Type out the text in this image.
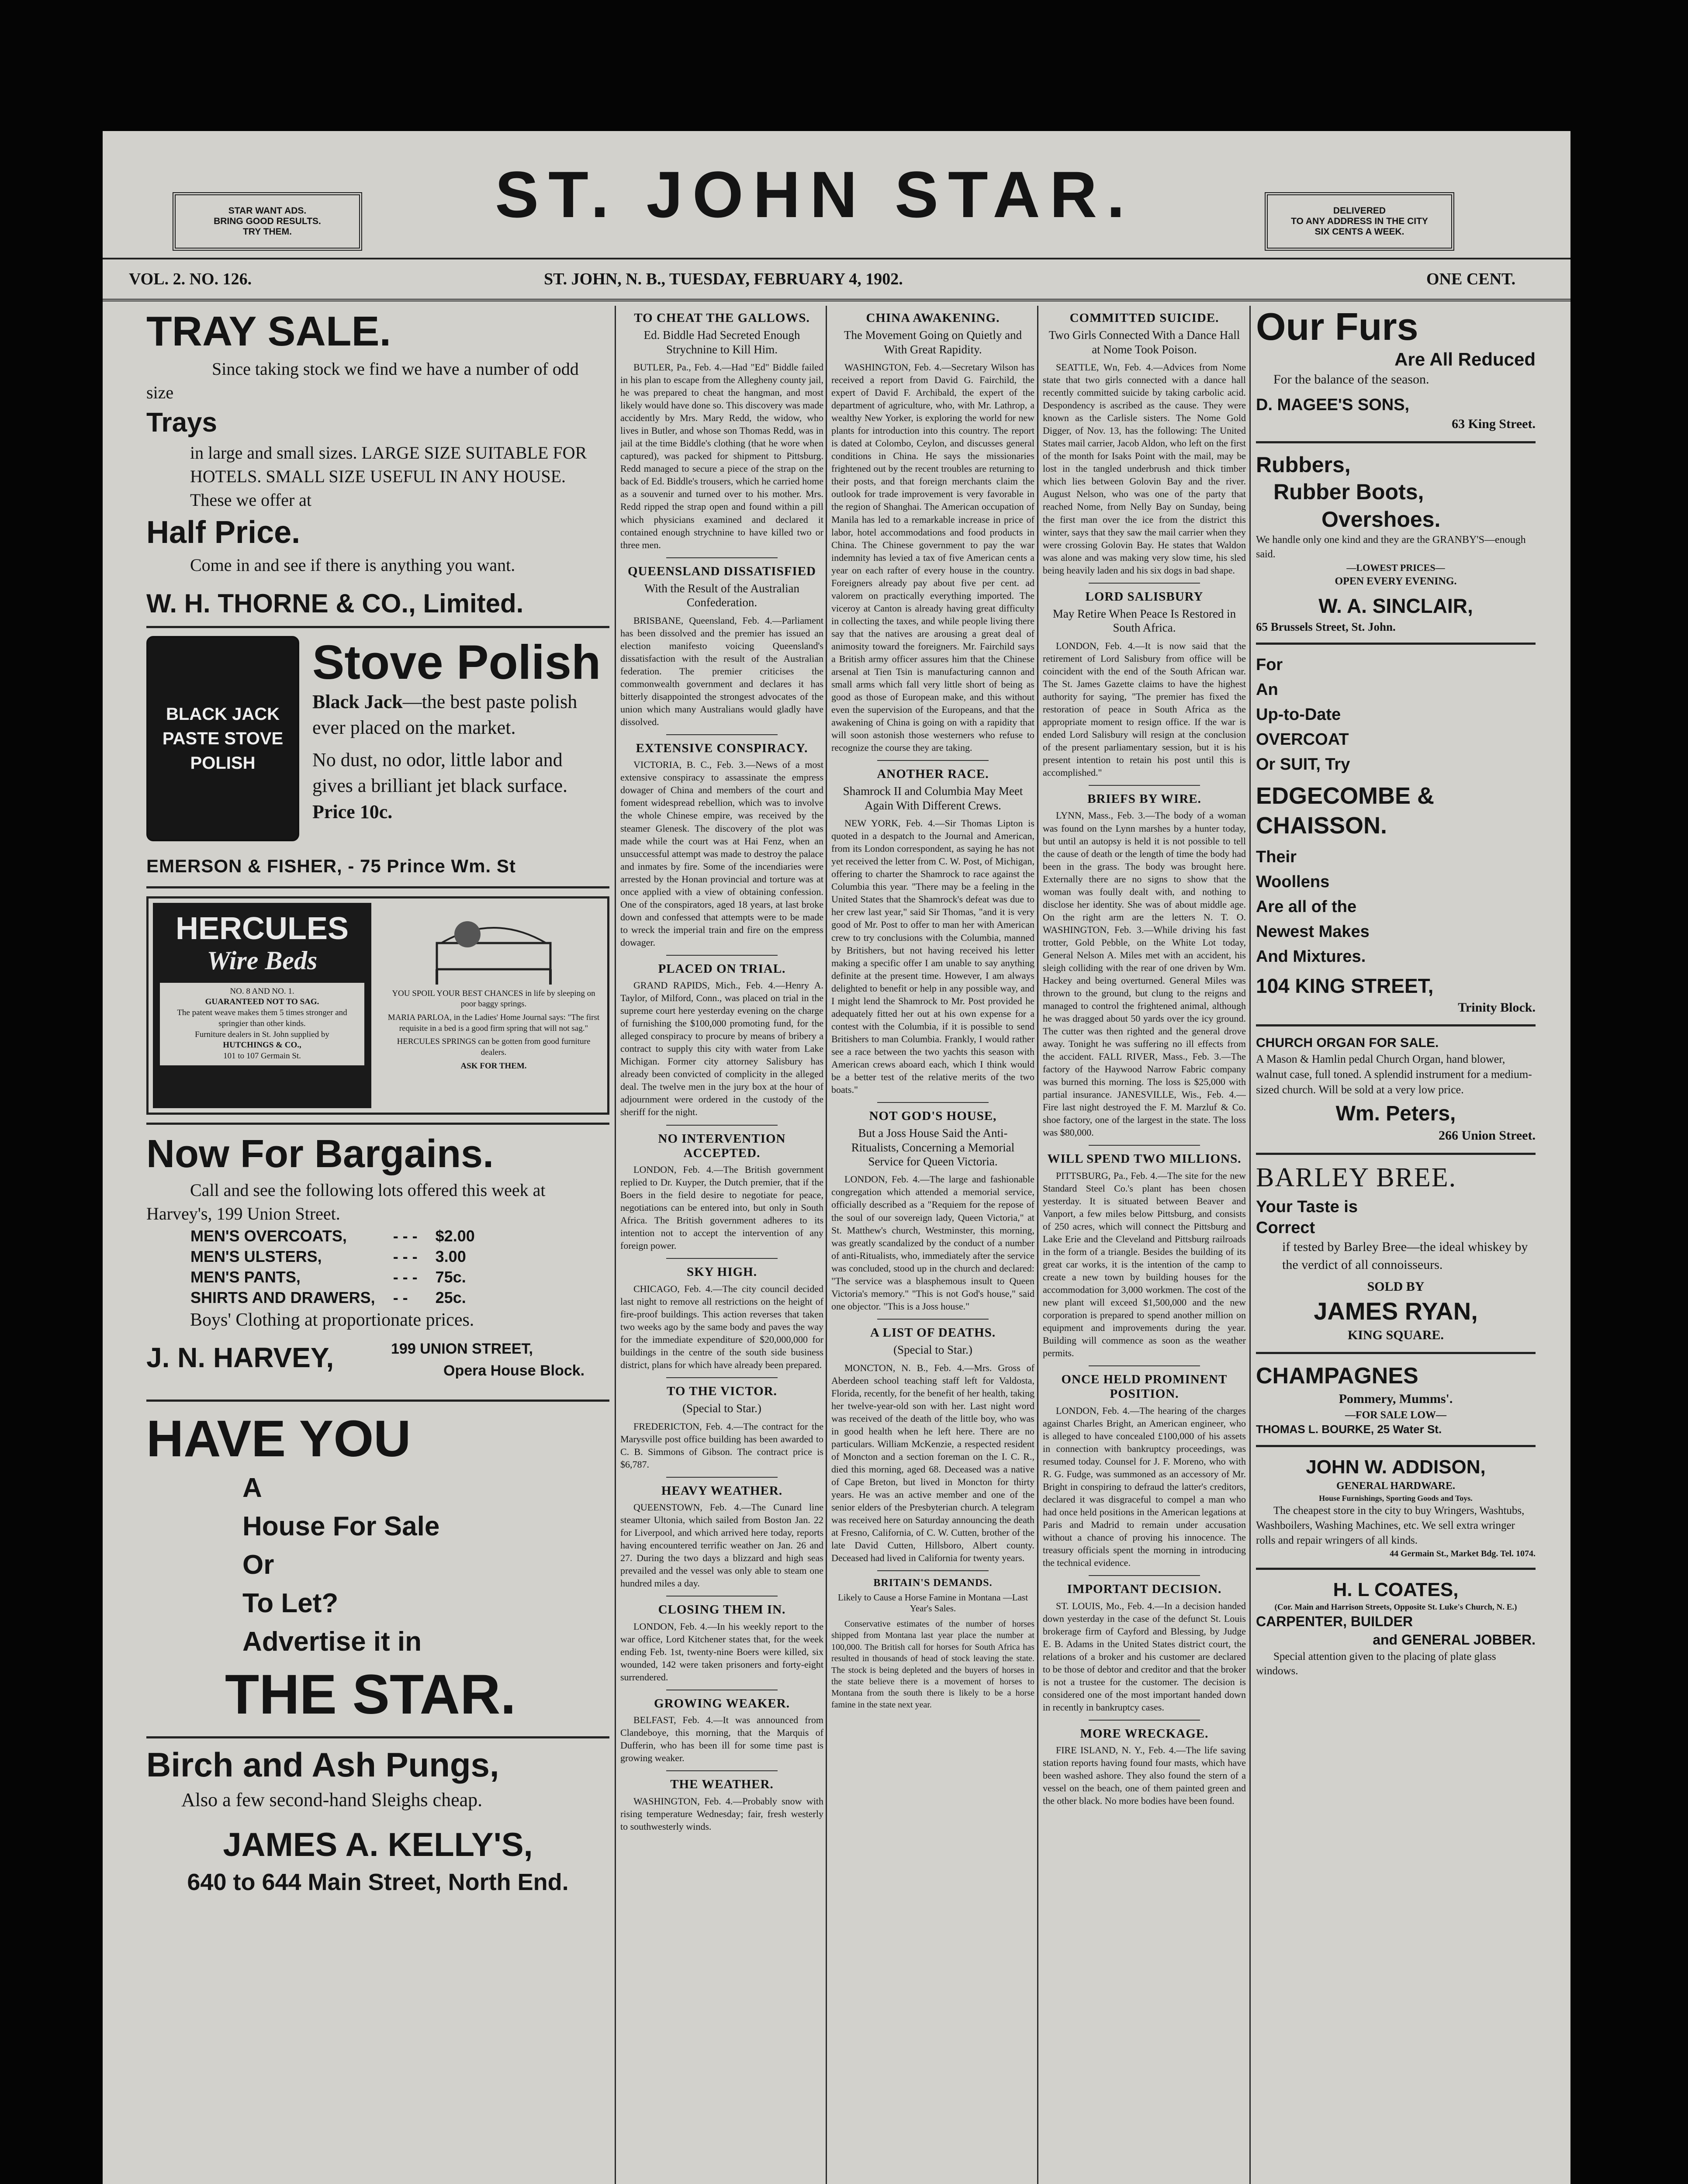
STAR WANT ADS.
BRING GOOD RESULTS.
TRY THEM.
ST. JOHN STAR.	DELIVERED
TO ANY ADDRESS IN THE CITY
SIX CENTS A WEEK.
VOL. 2. NO. 126.	ST. JOHN, N. B., TUESDAY, FEBRUARY 4, 1902.	ONE CENT.
TRAY SALE.

Since taking stock we find we have a number of odd size

Trays

in large and small sizes. LARGE SIZE SUITABLE FOR HOTELS. SMALL SIZE USEFUL IN ANY HOUSE. These we offer at

Half Price.

Come in and see if there is anything you want.

W. H. THORNE & CO., Limited.
BLACK JACK PASTE STOVE POLISH
Stove Polish

Black Jack—the best paste polish ever placed on the market.

No dust, no odor, little labor and gives a brilliant jet black surface. Price 10c.

EMERSON & FISHER, - 75 Prince Wm. St
HERCULES
Wire Beds
NO. 8 AND NO. 1.
GUARANTEED NOT TO SAG.
The patent weave makes them 5 times stronger and springier than other kinds.
Furniture dealers in St. John supplied by
HUTCHINGS & CO.,
101 to 107 Germain St.
YOU SPOIL YOUR BEST CHANCES in life by sleeping on poor baggy springs.
MARIA PARLOA, in the Ladies' Home Journal says: "The first requisite in a bed is a good firm spring that will not sag."
HERCULES SPRINGS can be gotten from good furniture dealers.
ASK FOR THEM.
Now For Bargains.

Call and see the following lots offered this week at Harvey's, 199 Union Street.

MEN'S OVERCOATS,	- - -	$2.00
MEN'S ULSTERS,	- - -	3.00
MEN'S PANTS,	- - -	75c.
SHIRTS AND DRAWERS,	- -	25c.

Boys' Clothing at proportionate prices.

J. N. HARVEY,	199 UNION STREET,
Opera House Block.
HAVE YOU
A
House For Sale
Or
To Let?
Advertise it in
THE STAR.
Birch and Ash Pungs,

Also a few second-hand Sleighs cheap.

JAMES A. KELLY'S,
640 to 644 Main Street, North End.
TO CHEAT THE GALLOWS.
Ed. Biddle Had Secreted Enough Strychnine to Kill Him.

BUTLER, Pa., Feb. 4.—Had "Ed" Biddle failed in his plan to escape from the Allegheny county jail, he was prepared to cheat the hangman, and most likely would have done so. This discovery was made accidently by Mrs. Mary Redd, the widow, who lives in Butler, and whose son Thomas Redd, was in jail at the time Biddle's clothing (that he wore when captured), was packed for shipment to Pittsburg. Redd managed to secure a piece of the strap on the back of Ed. Biddle's trousers, which he carried home as a souvenir and turned over to his mother. Mrs. Redd ripped the strap open and found within a pill which physicians examined and declared it contained enough strychnine to have killed two or three men.

QUEENSLAND DISSATISFIED
With the Result of the Australian Confederation.

BRISBANE, Queensland, Feb. 4.—Parliament has been dissolved and the premier has issued an election manifesto voicing Queensland's dissatisfaction with the result of the Australian federation. The premier criticises the commonwealth government and declares it has bitterly disappointed the strongest advocates of the union which many Australians would gladly have dissolved.

EXTENSIVE CONSPIRACY.

VICTORIA, B. C., Feb. 3.—News of a most extensive conspiracy to assassinate the empress dowager of China and members of the court and foment widespread rebellion, which was to involve the whole Chinese empire, was received by the steamer Glenesk. The discovery of the plot was made while the court was at Hai Fenz, when an unsuccessful attempt was made to destroy the palace and inmates by fire. Some of the incendiaries were arrested by the Honan provincial and torture was at once applied with a view of obtaining confession. One of the conspirators, aged 18 years, at last broke down and confessed that attempts were to be made to wreck the imperial train and fire on the empress dowager.

PLACED ON TRIAL.

GRAND RAPIDS, Mich., Feb. 4.—Henry A. Taylor, of Milford, Conn., was placed on trial in the supreme court here yesterday evening on the charge of furnishing the $100,000 promoting fund, for the alleged conspiracy to procure by means of bribery a contract to supply this city with water from Lake Michigan. Former city attorney Salisbury has already been convicted of complicity in the alleged deal. The twelve men in the jury box at the hour of adjournment were ordered in the custody of the sheriff for the night.

NO INTERVENTION ACCEPTED.

LONDON, Feb. 4.—The British government replied to Dr. Kuyper, the Dutch premier, that if the Boers in the field desire to negotiate for peace, negotiations can be entered into, but only in South Africa. The British government adheres to its intention not to accept the intervention of any foreign power.

SKY HIGH.

CHICAGO, Feb. 4.—The city council decided last night to remove all restrictions on the height of fire-proof buildings. This action reverses that taken two weeks ago by the same body and paves the way for the immediate expenditure of $20,000,000 for buildings in the centre of the south side business district, plans for which have already been prepared.

TO THE VICTOR.
(Special to Star.)

FREDERICTON, Feb. 4.—The contract for the Marysville post office building has been awarded to C. B. Simmons of Gibson. The contract price is $6,787.

HEAVY WEATHER.

QUEENSTOWN, Feb. 4.—The Cunard line steamer Ultonia, which sailed from Boston Jan. 22 for Liverpool, and which arrived here today, reports having encountered terrific weather on Jan. 26 and 27. During the two days a blizzard and high seas prevailed and the vessel was only able to steam one hundred miles a day.

CLOSING THEM IN.

LONDON, Feb. 4.—In his weekly report to the war office, Lord Kitchener states that, for the week ending Feb. 1st, twenty-nine Boers were killed, six wounded, 142 were taken prisoners and forty-eight surrendered.

GROWING WEAKER.

BELFAST, Feb. 4.—It was announced from Clandeboye, this morning, that the Marquis of Dufferin, who has been ill for some time past is growing weaker.

THE WEATHER.

WASHINGTON, Feb. 4.—Probably snow with rising temperature Wednesday; fair, fresh westerly to southwesterly winds.

CHINA AWAKENING.
The Movement Going on Quietly and With Great Rapidity.

WASHINGTON, Feb. 4.—Secretary Wilson has received a report from David G. Fairchild, the expert of David F. Archibald, the expert of the department of agriculture, who, with Mr. Lathrop, a wealthy New Yorker, is exploring the world for new plants for introduction into this country. The report is dated at Colombo, Ceylon, and discusses general conditions in China. He says the missionaries frightened out by the recent troubles are returning to their posts, and that foreign merchants claim the outlook for trade improvement is very favorable in the region of Shanghai. The American occupation of Manila has led to a remarkable increase in price of labor, hotel accommodations and food products in China. The Chinese government to pay the war indemnity has levied a tax of five American cents a year on each rafter of every house in the country. Foreigners already pay about five per cent. ad valorem on practically everything imported. The viceroy at Canton is already having great difficulty in collecting the taxes, and while people living there say that the natives are arousing a great deal of animosity toward the foreigners. Mr. Fairchild says a British army officer assures him that the Chinese arsenal at Tien Tsin is manufacturing cannon and small arms which fall very little short of being as good as those of European make, and this without even the supervision of the Europeans, and that the awakening of China is going on with a rapidity that will soon astonish those westerners who refuse to recognize the course they are taking.

ANOTHER RACE.
Shamrock II and Columbia May Meet Again With Different Crews.

NEW YORK, Feb. 4.—Sir Thomas Lipton is quoted in a despatch to the Journal and American, from its London correspondent, as saying he has not yet received the letter from C. W. Post, of Michigan, offering to charter the Shamrock to race against the Columbia this year. "There may be a feeling in the United States that the Shamrock's defeat was due to her crew last year," said Sir Thomas, "and it is very good of Mr. Post to offer to man her with American crew to try conclusions with the Columbia, manned by Britishers, but not having received his letter making a specific offer I am unable to say anything definite at the present time. However, I am always delighted to benefit or help in any possible way, and I might lend the Shamrock to Mr. Post provided he adequately fitted her out at his own expense for a contest with the Columbia, if it is possible to send Britishers to man Columbia. Frankly, I would rather see a race between the two yachts this season with American crews aboard each, which I think would be a better test of the relative merits of the two boats."

NOT GOD'S HOUSE,
But a Joss House Said the Anti-Ritualists, Concerning a Memorial Service for Queen Victoria.

LONDON, Feb. 4.—The large and fashionable congregation which attended a memorial service, officially described as a "Requiem for the repose of the soul of our sovereign lady, Queen Victoria," at St. Matthew's church, Westminster, this morning, was greatly scandalized by the conduct of a number of anti-Ritualists, who, immediately after the service was concluded, stood up in the church and declared: "The service was a blasphemous insult to Queen Victoria's memory." "This is not God's house," said one objector. "This is a Joss house."

A LIST OF DEATHS.
(Special to Star.)

MONCTON, N. B., Feb. 4.—Mrs. Gross of Aberdeen school teaching staff left for Valdosta, Florida, recently, for the benefit of her health, taking her twelve-year-old son with her. Last night word was received of the death of the little boy, who was in good health when he left here. There are no particulars. William McKenzie, a respected resident of Moncton and a section foreman on the I. C. R., died this morning, aged 68. Deceased was a native of Cape Breton, but lived in Moncton for thirty years. He was an active member and one of the senior elders of the Presbyterian church. A telegram was received here on Saturday announcing the death at Fresno, California, of C. W. Cutten, brother of the late David Cutten, Hillsboro, Albert county. Deceased had lived in California for twenty years.

BRITAIN'S DEMANDS.
Likely to Cause a Horse Famine in Montana —Last Year's Sales.

Conservative estimates of the number of horses shipped from Montana last year place the number at 100,000. The British call for horses for South Africa has resulted in thousands of head of stock leaving the state. The stock is being depleted and the buyers of horses in the state believe there is a movement of horses to Montana from the south there is likely to be a horse famine in the state next year.

COMMITTED SUICIDE.
Two Girls Connected With a Dance Hall at Nome Took Poison.

SEATTLE, Wn, Feb. 4.—Advices from Nome state that two girls connected with a dance hall recently committed suicide by taking carbolic acid. Despondency is ascribed as the cause. They were known as the Carlisle sisters. The Nome Gold Digger, of Nov. 13, has the following: The United States mail carrier, Jacob Aldon, who left on the first of the month for Isaks Point with the mail, may be lost in the tangled underbrush and thick timber which lies between Golovin Bay and the river. August Nelson, who was one of the party that reached Nome, from Nelly Bay on Sunday, being the first man over the ice from the district this winter, says that they saw the mail carrier when they were crossing Golovin Bay. He states that Waldon was alone and was making very slow time, his sled being heavily laden and his six dogs in bad shape.

LORD SALISBURY
May Retire When Peace Is Restored in South Africa.

LONDON, Feb. 4.—It is now said that the retirement of Lord Salisbury from office will be coincident with the end of the South African war. The St. James Gazette claims to have the highest authority for saying, "The premier has fixed the restoration of peace in South Africa as the appropriate moment to resign office. If the war is ended Lord Salisbury will resign at the conclusion of the present parliamentary session, but it is his present intention to retain his post until this is accomplished."

BRIEFS BY WIRE.

LYNN, Mass., Feb. 3.—The body of a woman was found on the Lynn marshes by a hunter today, but until an autopsy is held it is not possible to tell the cause of death or the length of time the body had been in the grass. The body was brought here. Externally there are no signs to show that the woman was foully dealt with, and nothing to disclose her identity. She was of about middle age. On the right arm are the letters N. T. O. WASHINGTON, Feb. 3.—While driving his fast trotter, Gold Pebble, on the White Lot today, General Nelson A. Miles met with an accident, his sleigh colliding with the rear of one driven by Wm. Hackey and being overturned. General Miles was thrown to the ground, but clung to the reigns and managed to control the frightened animal, although he was dragged about 50 yards over the icy ground. The cutter was then righted and the general drove away. Tonight he was suffering no ill effects from the accident. FALL RIVER, Mass., Feb. 3.—The factory of the Haywood Narrow Fabric company was burned this morning. The loss is $25,000 with partial insurance. JANESVILLE, Wis., Feb. 4.—Fire last night destroyed the F. M. Marzluf & Co. shoe factory, one of the largest in the state. The loss was $80,000.

WILL SPEND TWO MILLIONS.

PITTSBURG, Pa., Feb. 4.—The site for the new Standard Steel Co.'s plant has been chosen yesterday. It is situated between Beaver and Vanport, a few miles below Pittsburg, and consists of 250 acres, which will connect the Pittsburg and Lake Erie and the Cleveland and Pittsburg railroads in the form of a triangle. Besides the building of its great car works, it is the intention of the camp to create a new town by building houses for the accommodation for 3,000 workmen. The cost of the new plant will exceed $1,500,000 and the new corporation is prepared to spend another million on equipment and improvements during the year. Building will commence as soon as the weather permits.

ONCE HELD PROMINENT POSITION.

LONDON, Feb. 4.—The hearing of the charges against Charles Bright, an American engineer, who is alleged to have concealed £100,000 of his assets in connection with bankruptcy proceedings, was resumed today. Counsel for J. F. Moreno, who with R. G. Fudge, was summoned as an accessory of Mr. Bright in conspiring to defraud the latter's creditors, declared it was disgraceful to compel a man who had once held positions in the American legations at Paris and Madrid to remain under accusation without a chance of proving his innocence. The treasury officials spent the morning in introducing the technical evidence.

IMPORTANT DECISION.

ST. LOUIS, Mo., Feb. 4.—In a decision handed down yesterday in the case of the defunct St. Louis brokerage firm of Cayford and Blessing, by Judge E. B. Adams in the United States district court, the relations of a broker and his customer are declared to be those of debtor and creditor and that the broker is not a trustee for the customer. The decision is considered one of the most important handed down in recently in bankruptcy cases.

MORE WRECKAGE.

FIRE ISLAND, N. Y., Feb. 4.—The life saving station reports having found four masts, which have been washed ashore. They also found the stern of a vessel on the beach, one of them painted green and the other black. No more bodies have been found.

Our Furs
Are All Reduced

For the balance of the season.

D. MAGEE'S SONS,
63 King Street.
Rubbers,
Rubber Boots,
Overshoes.

We handle only one kind and they are the GRANBY'S—enough said.

—LOWEST PRICES—
OPEN EVERY EVENING.
W. A. SINCLAIR,
65 Brussels Street, St. John.
For
An
Up-to-Date
OVERCOAT
Or SUIT, Try
EDGECOMBE &
CHAISSON.
Their
Woollens
Are all of the
Newest Makes
And Mixtures.
104 KING STREET,
Trinity Block.
CHURCH ORGAN FOR SALE.

A Mason & Hamlin pedal Church Organ, hand blower, walnut case, full toned. A splendid instrument for a medium-sized church. Will be sold at a very low price.

Wm. Peters,
266 Union Street.
BARLEY BREE.
Your Taste is Correct

if tested by Barley Bree—the ideal whiskey by the verdict of all connoisseurs.

SOLD BY
JAMES RYAN,
KING SQUARE.
CHAMPAGNES
Pommery, Mumms'.
—FOR SALE LOW—
THOMAS L. BOURKE, 25 Water St.
JOHN W. ADDISON,
GENERAL HARDWARE.
House Furnishings, Sporting Goods and Toys.

The cheapest store in the city to buy Wringers, Washtubs, Washboilers, Washing Machines, etc. We sell extra wringer rolls and repair wringers of all kinds.

44 Germain St., Market Bdg. Tel. 1074.
H. L COATES,
(Cor. Main and Harrison Streets, Opposite St. Luke's Church, N. E.)
CARPENTER, BUILDER
and GENERAL JOBBER.

Special attention given to the placing of plate glass windows.
